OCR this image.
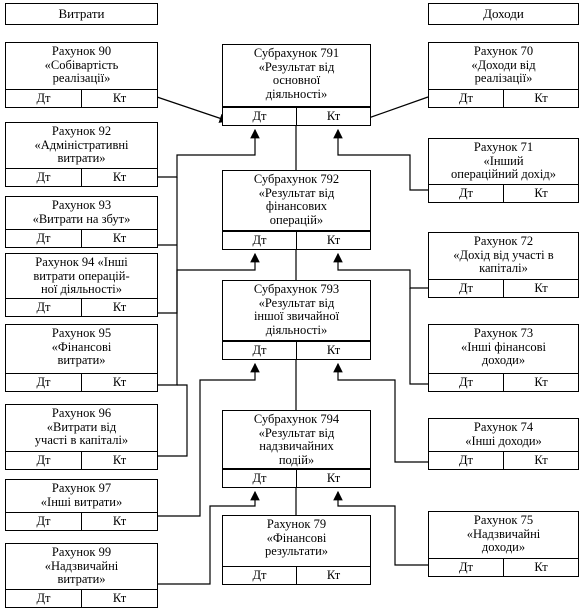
Витрати	Доходи
Субрахунок 791
«Результат від
основної
діяльності»
Дт	Кт
Субрахунок 792
«Результат від
фінансових
операцій»
Дт	Кт
Субрахунок 793
«Результат від
іншої звичайної
діяльності»
Дт	Кт
Субрахунок 794
«Результат від
надзвичайних
подій»
Дт	Кт
Рахунок 79
«Фінансові
результати»
Дт	Кт
Рахунок 90
«Собівартість
реалізації»
Дт	Кт
Рахунок 92
«Адміністративні
витрати»
Дт	Кт
Рахунок 93
«Витрати на збут»
Дт	Кт
Рахунок 94 «Інші
витрати операцій-
ної діяльності»
Дт	Кт
Рахунок 95
«Фінансові
витрати»
Дт	Кт
Рахунок 96
«Витрати від
участі в капіталі»
Дт	Кт
Рахунок 97
«Інші витрати»
Дт	Кт
Рахунок 99
«Надзвичайні
витрати»
Дт	Кт
Рахунок 70
«Доходи від
реалізації»
Дт	Кт
Рахунок 71
«Інший
операційний дохід»
Дт	Кт
Рахунок 72
«Дохід від участі в
капіталі»
Дт	Кт
Рахунок 73
«Інші фінансові
доходи»
Дт	Кт
Рахунок 74
«Інші доходи»
Дт	Кт
Рахунок 75
«Надзвичайні
доходи»
Дт	Кт
